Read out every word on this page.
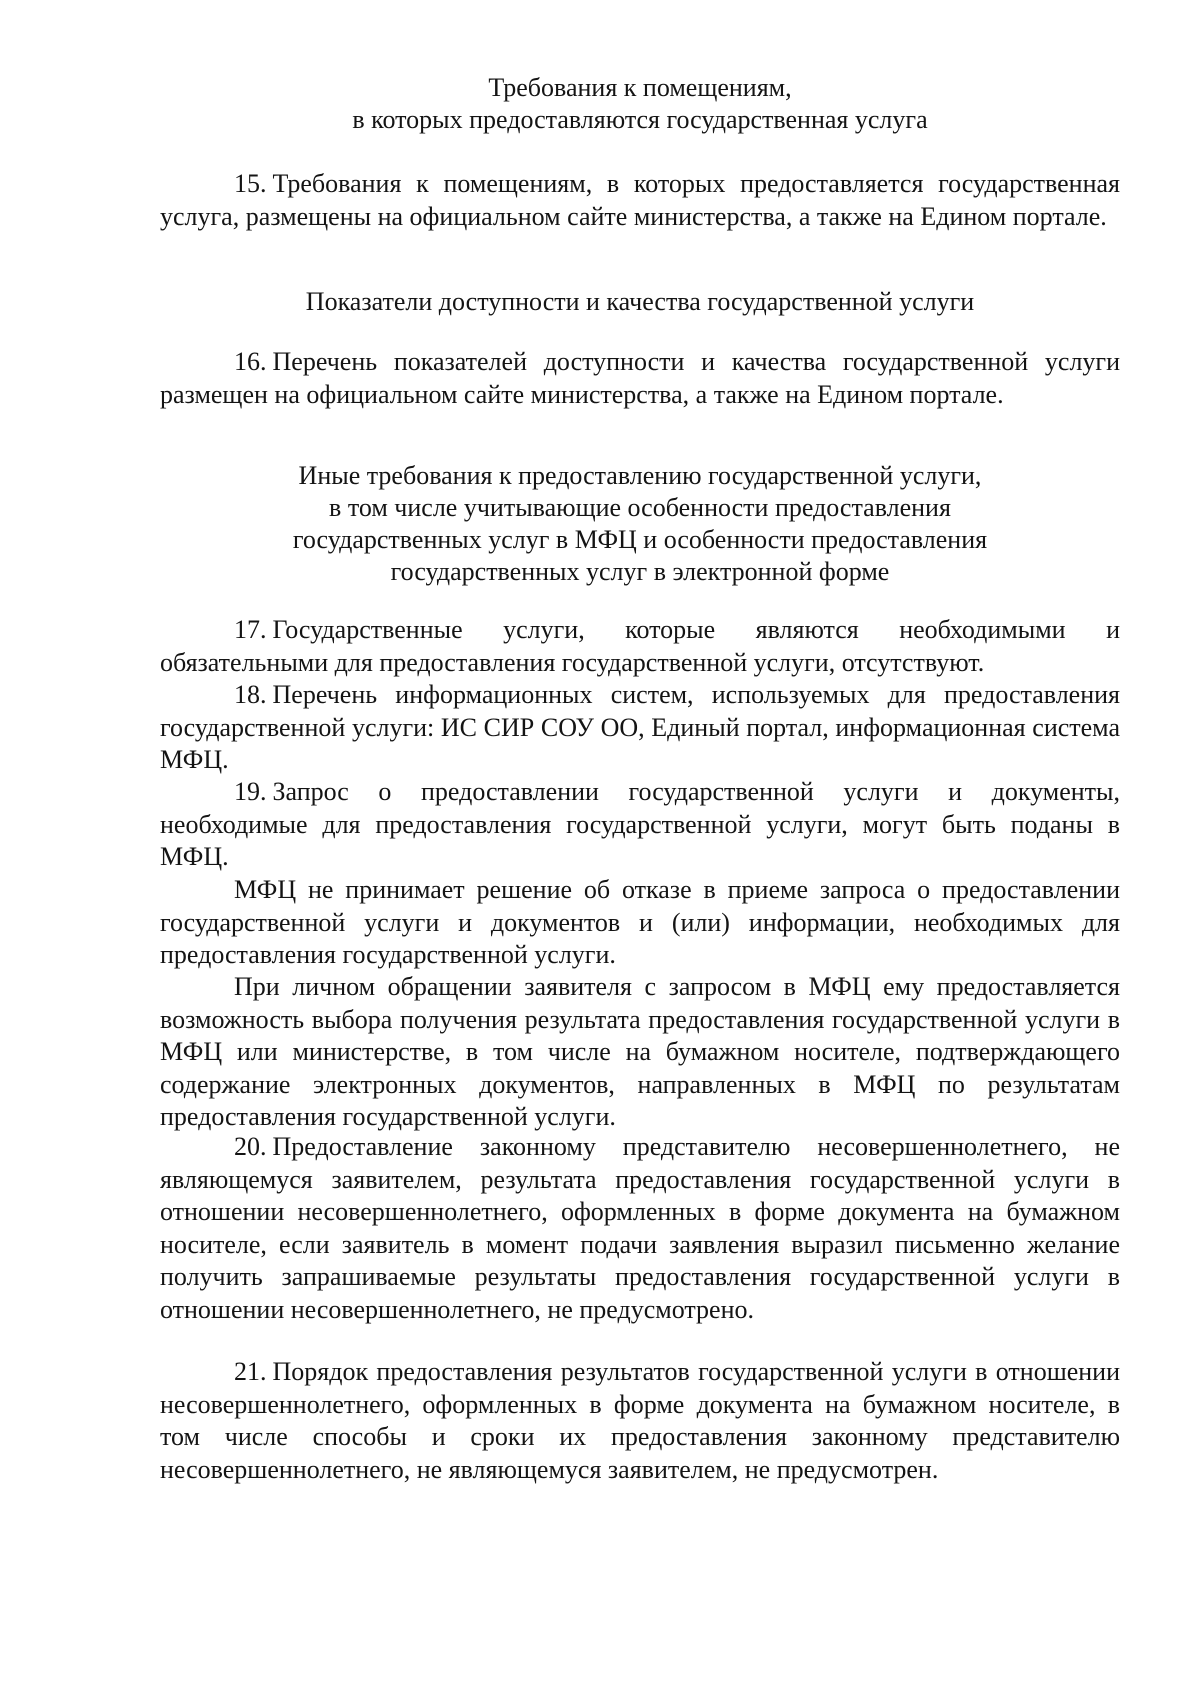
Требования к помещениям,
в которых предоставляются государственная услуга

15. Требования к помещениям, в которых предоставляется государственная услуга, размещены на официальном сайте министерства, а также на Едином портале.

Показатели доступности и качества государственной услуги

16. Перечень показателей доступности и качества государственной услуги размещен на официальном сайте министерства, а также на Едином портале.

Иные требования к предоставлению государственной услуги,
в том числе учитывающие особенности предоставления
государственных услуг в МФЦ и особенности предоставления
государственных услуг в электронной форме

17. Государственные услуги, которые являются необходимыми и обязательными для предоставления государственной услуги, отсутствуют.

18. Перечень информационных систем, используемых для предоставления государственной услуги: ИС СИР СОУ ОО, Единый портал, информационная система МФЦ.

19. Запрос о предоставлении государственной услуги и документы, необходимые для предоставления государственной услуги, могут быть поданы в МФЦ.

МФЦ не принимает решение об отказе в приеме запроса о предоставлении государственной услуги и документов и (или) информации, необходимых для предоставления государственной услуги.

При личном обращении заявителя с запросом в МФЦ ему предоставляется возможность выбора получения результата предоставления государственной услуги в МФЦ или министерстве, в том числе на бумажном носителе, подтверждающего содержание электронных документов, направленных в МФЦ по результатам предоставления государственной услуги.

20. Предоставление законному представителю несовершеннолетнего, не являющемуся заявителем, результата предоставления государственной услуги в отношении несовершеннолетнего, оформленных в форме документа на бумажном носителе, если заявитель в момент подачи заявления выразил письменно желание получить запрашиваемые результаты предоставления государственной услуги в отношении несовершеннолетнего, не предусмотрено.

21. Порядок предоставления результатов государственной услуги в отношении несовершеннолетнего, оформленных в форме документа на бумажном носителе, в том числе способы и сроки их предоставления законному представителю несовершеннолетнего, не являющемуся заявителем, не предусмотрен.
